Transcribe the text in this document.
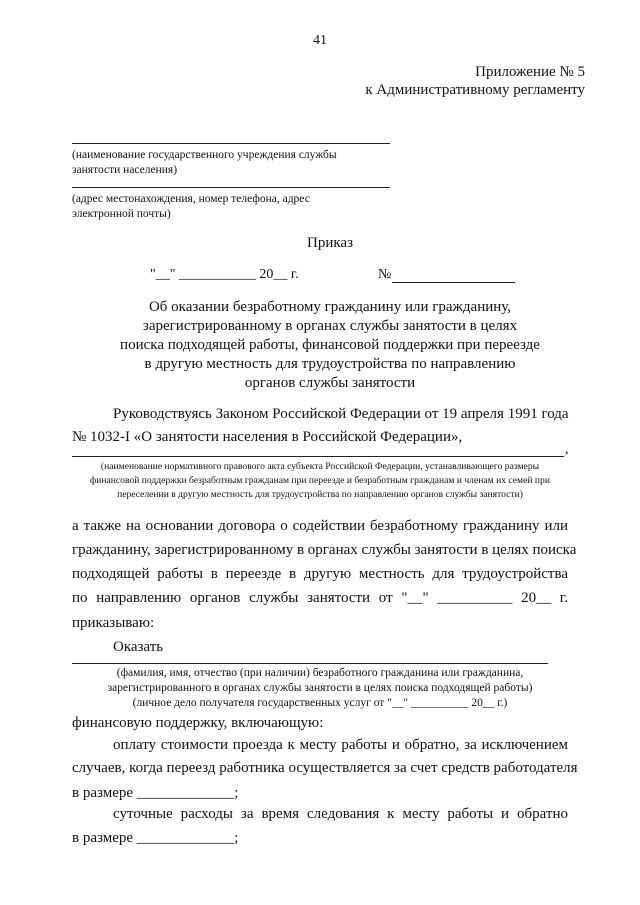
41
Приложение № 5
к Административному регламенту
(наименование государственного учреждения службы
занятости населения)
(адрес местонахождения, номер телефона, адрес
электронной почты)
Приказ
"__" ___________ 20__ г.	№
Об оказании безработному гражданину или гражданину,
зарегистрированному в органах службы занятости в целях
поиска подходящей работы, финансовой поддержки при переезде
в другую местность для трудоустройства по направлению
органов службы занятости
Руководствуясь Законом Российской Федерации от 19 апреля 1991 года
№ 1032-I «О занятости населения в Российской Федерации»,
,
(наименование нормативного правового акта субъекта Российской Федерации, устанавливающего размеры
финансовой поддержки безработным гражданам при переезде и безработным гражданам и членам их семей при
переселении в другую местность для трудоустройства по направлению органов службы занятости)
а также на основании договора о содействии безработному гражданину или
гражданину, зарегистрированному в органах службы занятости в целях поиска
подходящей работы в переезде в другую местность для трудоустройства
по направлению органов службы занятости от "__" __________ 20__ г.
приказываю:
Оказать
(фамилия, имя, отчество (при наличии) безработного гражданина или гражданина,
зарегистрированного в органах службы занятости в целях поиска подходящей работы)
(личное дело получателя государственных услуг от "__" __________ 20__ г.)
финансовую поддержку, включающую:
оплату стоимости проезда к месту работы и обратно, за исключением
случаев, когда переезд работника осуществляется за счет средств работодателя
в размере _____________;
суточные расходы за время следования к месту работы и обратно
в размере _____________;
